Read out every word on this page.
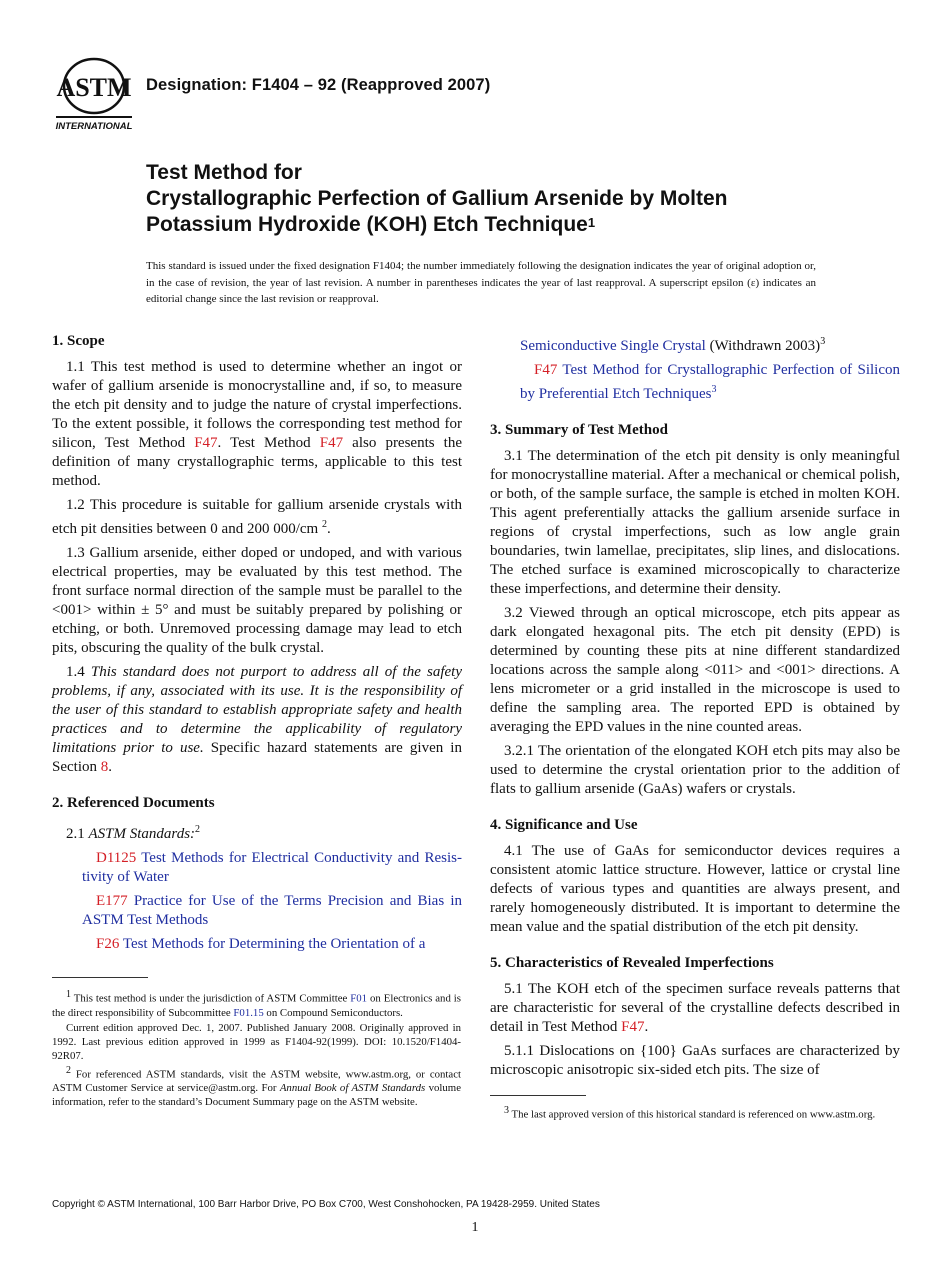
ASTM
INTERNATIONAL
Designation: F1404 – 92 (Reapproved 2007)
Test Method for
Crystallographic Perfection of Gallium Arsenide by Molten
Potassium Hydroxide (KOH) Etch Technique$^1$
This standard is issued under the fixed designation F1404; the number immediately following the designation indicates the year of original adoption or, in the case of revision, the year of last revision. A number in parentheses indicates the year of last reapproval. A superscript epsilon (ε) indicates an editorial change since the last revision or reapproval.
1. Scope

1.1 This test method is used to determine whether an ingot or wafer of gallium arsenide is monocrystalline and, if so, to measure the etch pit density and to judge the nature of crystal imperfections. To the extent possible, it follows the corresponding test method for silicon, Test Method F47. Test Method F47 also presents the definition of many crystallographic terms, applicable to this test method.

1.2 This procedure is suitable for gallium arsenide crystals with etch pit densities between 0 and 200 000/cm $^2$.

1.3 Gallium arsenide, either doped or undoped, and with various electrical properties, may be evaluated by this test method. The front surface normal direction of the sample must be parallel to the <001> within ± 5° and must be suitably prepared by polishing or etching, or both. Unremoved processing damage may lead to etch pits, obscuring the quality of the bulk crystal.

1.4 This standard does not purport to address all of the safety problems, if any, associated with its use. It is the responsibility of the user of this standard to establish appropriate safety and health practices and to determine the applicability of regulatory limitations prior to use. Specific hazard statements are given in Section 8.

2. Referenced Documents

2.1 ASTM Standards:$^2$

D1125 Test Methods for Electrical Conductivity and Resistivity of Water

E177 Practice for Use of the Terms Precision and Bias in ASTM Test Methods

F26 Test Methods for Determining the Orientation of a

$^1$ This test method is under the jurisdiction of ASTM Committee F01 on Electronics and is the direct responsibility of Subcommittee F01.15 on Compound Semiconductors.

Current edition approved Dec. 1, 2007. Published January 2008. Originally approved in 1992. Last previous edition approved in 1999 as F1404-92(1999). DOI: 10.1520/F1404-92R07.

$^2$ For referenced ASTM standards, visit the ASTM website, www.astm.org, or contact ASTM Customer Service at service@astm.org. For Annual Book of ASTM Standards volume information, refer to the standard’s Document Summary page on the ASTM website.

Semiconductive Single Crystal (Withdrawn 2003)$^3$

F47 Test Method for Crystallographic Perfection of Silicon by Preferential Etch Techniques$^3$

3. Summary of Test Method

3.1 The determination of the etch pit density is only meaningful for monocrystalline material. After a mechanical or chemical polish, or both, of the sample surface, the sample is etched in molten KOH. This agent preferentially attacks the gallium arsenide surface in regions of crystal imperfections, such as low angle grain boundaries, twin lamellae, precipitates, slip lines, and dislocations. The etched surface is examined microscopically to characterize these imperfections, and determine their density.

3.2 Viewed through an optical microscope, etch pits appear as dark elongated hexagonal pits. The etch pit density (EPD) is determined by counting these pits at nine different standardized locations across the sample along <011> and <001> directions. A lens micrometer or a grid installed in the microscope is used to define the sampling area. The reported EPD is obtained by averaging the EPD values in the nine counted areas.

3.2.1 The orientation of the elongated KOH etch pits may also be used to determine the crystal orientation prior to the addition of flats to gallium arsenide (GaAs) wafers or crystals.

4. Significance and Use

4.1 The use of GaAs for semiconductor devices requires a consistent atomic lattice structure. However, lattice or crystal line defects of various types and quantities are always present, and rarely homogeneously distributed. It is important to determine the mean value and the spatial distribution of the etch pit density.

5. Characteristics of Revealed Imperfections

5.1 The KOH etch of the specimen surface reveals patterns that are characteristic for several of the crystalline defects described in detail in Test Method F47.

5.1.1 Dislocations on {100} GaAs surfaces are characterized by microscopic anisotropic six-sided etch pits. The size of

$^3$ The last approved version of this historical standard is referenced on www.astm.org.

Copyright © ASTM International, 100 Barr Harbor Drive, PO Box C700, West Conshohocken, PA 19428-2959. United States
1
